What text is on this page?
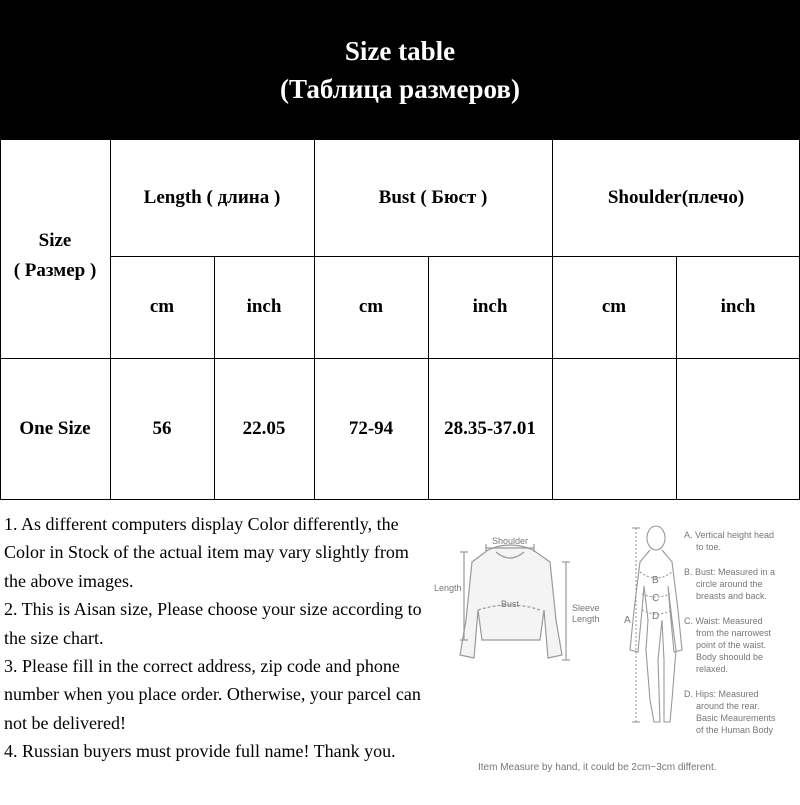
Size table
(Таблица размеров)
Size
( Размер )
Length ( длина )	Bust ( Бюст )	Shoulder(плечо)
cm	inch	cm	inch	cm	inch
One Size	56	22.05	72-94	28.35-37.01

1. As different computers display Color differently, the Color in Stock of the actual item may vary slightly from the above images.

2. This is Aisan size, Please choose your size according to the size chart.

3. Please fill in the correct address, zip code and phone number when you place order. Otherwise, your parcel can not be delivered!

4. Russian buyers must provide full name! Thank you.

Shoulder
Length
Bust	Sleeve
Length
B
C
D
A
A. Vertical height head
to toe.
B. Bust: Measured in a
circle around the
breasts and back.
C. Waist: Measured
from the narrowest
point of the waist.
Body shoould be
relaxed.
D. Hips: Measured
around the rear.
Basic Meaurements
of the Human Body
Item Measure by hand, it could be 2cm~3cm different.
